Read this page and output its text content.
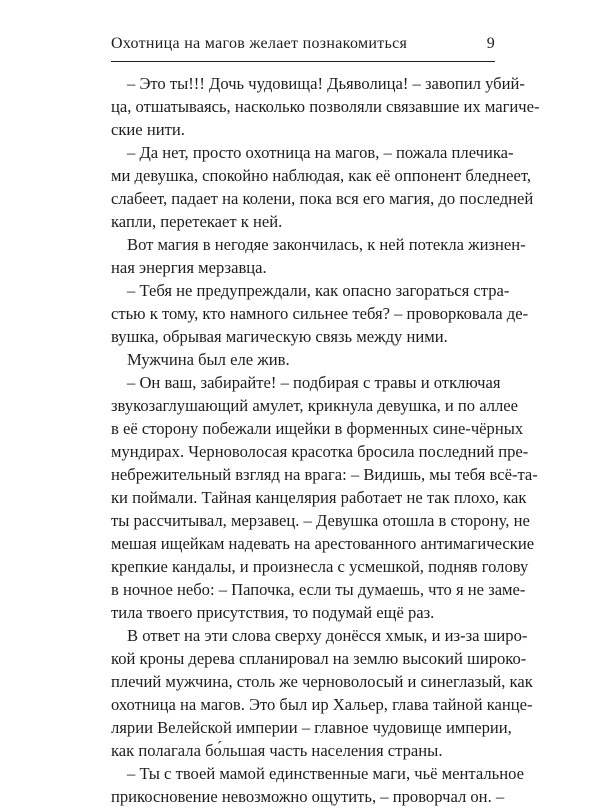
Охотница на магов желает познакомиться	9
– Это ты!!! Дочь чудовища! Дьяволица! – завопил убий-
ца, отшатываясь, насколько позволяли связавшие их магиче-
ские нити.
– Да нет, просто охотница на магов, – пожала плечика-
ми девушка, спокойно наблюдая, как её оппонент бледнеет,
слабеет, падает на колени, пока вся его магия, до последней
капли, перетекает к ней.
Вот магия в негодяе закончилась, к ней потекла жизнен-
ная энергия мерзавца.
– Тебя не предупреждали, как опасно загораться стра-
стью к тому, кто намного сильнее тебя? – проворковала де-
вушка, обрывая магическую связь между ними.
Мужчина был еле жив.
– Он ваш, забирайте! – подбирая с травы и отключая
звукозаглушающий амулет, крикнула девушка, и по аллее
в её сторону побежали ищейки в форменных сине-чёрных
мундирах. Черноволосая красотка бросила последний пре-
небрежительный взгляд на врага: – Видишь, мы тебя всё-та-
ки поймали. Тайная канцелярия работает не так плохо, как
ты рассчитывал, мерзавец. – Девушка отошла в сторону, не
мешая ищейкам надевать на арестованного антимагические
крепкие кандалы, и произнесла с усмешкой, подняв голову
в ночное небо: – Папочка, если ты думаешь, что я не заме-
тила твоего присутствия, то подумай ещё раз.
В ответ на эти слова сверху донёсся хмык, и из-за широ-
кой кроны дерева спланировал на землю высокий широко-
плечий мужчина, столь же черноволосый и синеглазый, как
охотница на магов. Это был ир Хальер, глава тайной канце-
лярии Велейской империи – главное чудовище империи,
как полагала бо́льшая часть населения страны.
– Ты с твоей мамой единственные маги, чьё ментальное
прикосновение невозможно ощутить, – проворчал он. –
